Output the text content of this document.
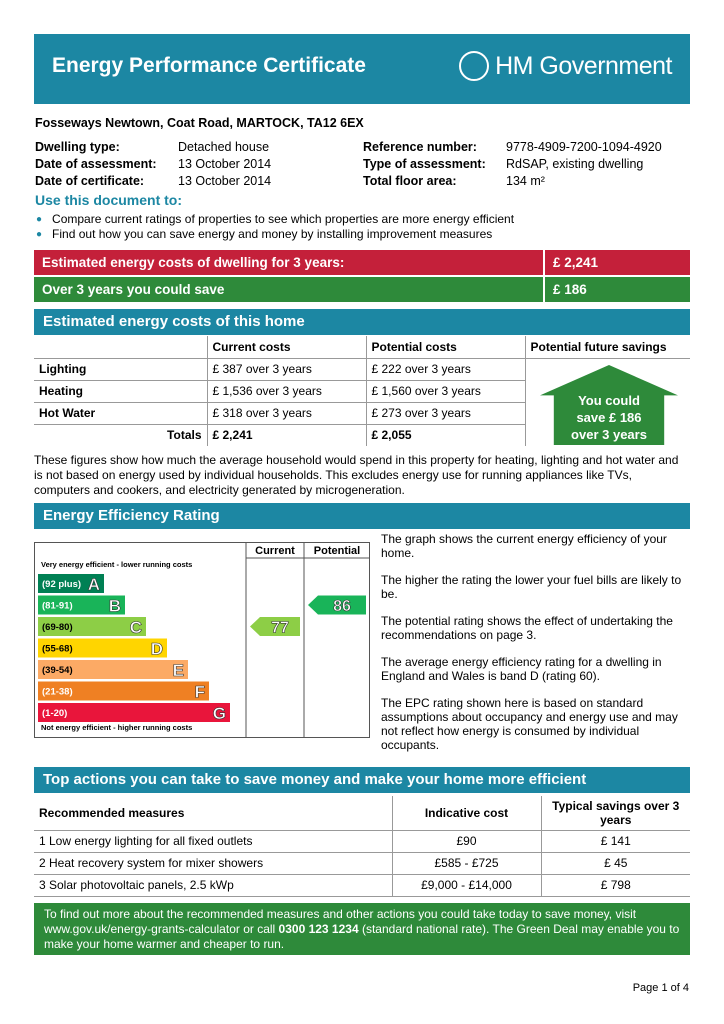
Energy Performance Certificate	HM Government
Fosseways Newtown, Coat Road, MARTOCK, TA12 6EX
Dwelling type:	Detached house
Date of assessment:	13 October 2014
Date of certificate:	13 October 2014
Reference number:	9778-4909-7200-1094-4920
Type of assessment:	RdSAP, existing dwelling
Total floor area:	134 m²
Use this document to:
● Compare current ratings of properties to see which properties are more energy efficient
● Find out how you can save energy and money by installing improvement measures
Estimated energy costs of dwelling for 3 years:	£ 2,241
Over 3 years you could save	£ 186
Estimated energy costs of this home
	Current costs	Potential costs	Potential future savings
Lighting	£ 387 over 3 years	£ 222 over 3 years	
Heating	£ 1,536 over 3 years	£ 1,560 over 3 years	
Hot Water	£ 318 over 3 years	£ 273 over 3 years	
Totals	£ 2,241	£ 2,055	
You could
save £ 186
over 3 years
These figures show how much the average household would spend in this property for heating, lighting and hot water and is not based on energy used by individual households. This excludes energy use for running appliances like TVs, computers and cookers, and electricity generated by microgeneration.
Energy Efficiency Rating
Current Potential
Very energy efficient - lower running costs
Not energy efficient - higher running costs
(92 plus) A
(81-91) B
(69-80)	C
(55-68)	D
(39-54)	E
(21-38)	F
(1-20)	G
77
86

The graph shows the current energy efficiency of your home.

The higher the rating the lower your fuel bills are likely to be.

The potential rating shows the effect of undertaking the recommendations on page 3.

The average energy efficiency rating for a dwelling in England and Wales is band D (rating 60).

The EPC rating shown here is based on standard assumptions about occupancy and energy use and may not reflect how energy is consumed by individual occupants.

Top actions you can take to save money and make your home more efficient
Recommended measures	Indicative cost	Typical savings over 3 years
1 Low energy lighting for all fixed outlets	£90	£ 141
2 Heat recovery system for mixer showers	£585 - £725	£ 45
3 Solar photovoltaic panels, 2.5 kWp	£9,000 - £14,000	£ 798
To find out more about the recommended measures and other actions you could take today to save money, visit www.gov.uk/energy-grants-calculator or call 0300 123 1234 (standard national rate). The Green Deal may enable you to make your home warmer and cheaper to run.
Page 1 of 4
